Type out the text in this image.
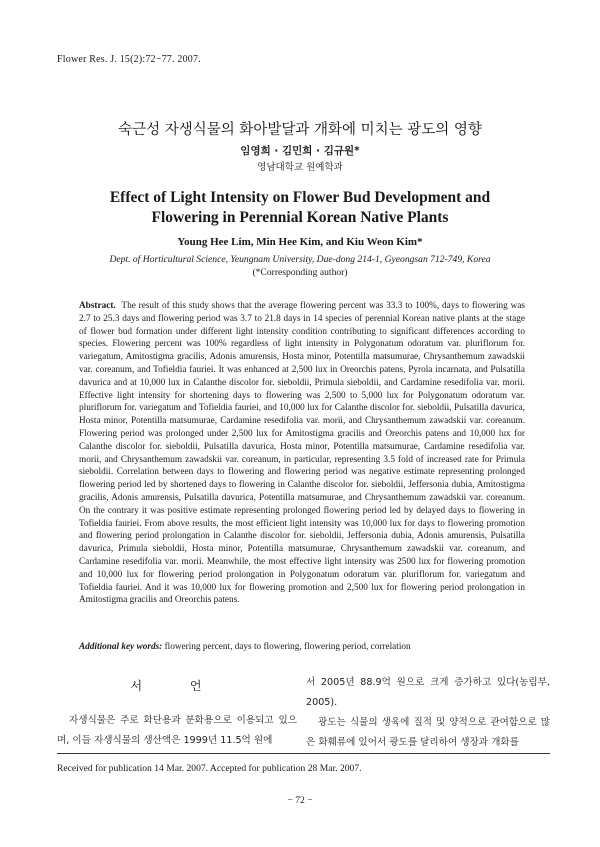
Flower Res. J. 15(2):72−77. 2007.
숙근성 자생식물의 화아발달과 개화에 미치는 광도의 영향
임영희 · 김민희 · 김규원*
영남대학교 원예학과
Effect of Light Intensity on Flower Bud Development and
Flowering in Perennial Korean Native Plants
Young Hee Lim, Min Hee Kim, and Kiu Weon Kim*
Dept. of Horticultural Science, Yeungnam University, Dae-dong 214-1, Gyeongsan 712-749, Korea
(*Corresponding author)

Abstract. The result of this study shows that the average flowering percent was 33.3 to 100%, days to flowering was 2.7 to 25.3 days and flowering period was 3.7 to 21.8 days in 14 species of perennial Korean native plants at the stage of flower bud formation under different light intensity condition contributing to significant differences according to species. Flowering percent was 100% regardless of light intensity in Polygonatum odoratum var. pluriflorum for. variegatum, Amitostigma gracilis, Adonis amurensis, Hosta minor, Potentilla matsumurae, Chrysanthemum zawadskii var. coreanum, and Tofieldia fauriei. It was enhanced at 2,500 lux in Oreorchis patens, Pyrola incarnata, and Pulsatilla davurica and at 10,000 lux in Calanthe discolor for. sieboldii, Primula sieboldii, and Cardamine resedifolia var. morii. Effective light intensity for shortening days to flowering was 2,500 to 5,000 lux for Polygonatum odoratum var. pluriflorum for. variegatum and Tofieldia fauriei, and 10,000 lux for Calanthe discolor for. sieboldii, Pulsatilla davurica, Hosta minor, Potentilla matsumurae, Cardamine resedifolia var. morii, and Chrysanthemum zawadskii var. coreanum. Flowering period was prolonged under 2,500 lux for Amitostigma gracilis and Oreorchis patens and 10,000 lux for Calanthe discolor for. sieboldii, Pulsatilla davurica, Hosta minor, Potentilla matsumurae, Cardamine resedifolia var. morii, and Chrysanthemum zawadskii var. coreanum, in particular, representing 3.5 fold of increased rate for Primula sieboldii. Correlation between days to flowering and flowering period was negative estimate representing prolonged flowering period led by shortened days to flowering in Calanthe discolor for. sieboldii, Jeffersonia dubia, Amitostigma gracilis, Adonis amurensis, Pulsatilla davurica, Potentilla matsumurae, and Chrysanthemum zawadskii var. coreanum. On the contrary it was positive estimate representing prolonged flowering period led by delayed days to flowering in Tofieldia fauriei. From above results, the most efficient light intensity was 10,000 lux for days to flowering promotion and flowering period prolongation in Calanthe discolor for. sieboldii, Jeffersonia dubia, Adonis amurensis, Pulsatilla davurica, Primula sieboldii, Hosta minor, Potentilla matsumurae, Chrysanthemum zawadskii var. coreanum, and Cardamine resedifolia var. morii. Meanwhile, the most effective light intensity was 2500 lux for flowering promotion and 10,000 lux for flowering period prolongation in Polygonatum odoratum var. pluriflorum for. variegatum and Tofieldia fauriei. And it was 10,000 lux for flowering promotion and 2,500 lux for flowering period prolongation in Amitostigma gracilis and Oreorchis patens.

Additional key words: flowering percent, days to flowering, flowering period, correlation

서 언
자생식물은 주로 화단용과 분화용으로 이용되고 있으며, 이들 자생식물의 생산액은 1999년 11.5억 원에
서 2005년 88.9억 원으로 크게 증가하고 있다(농림부, 2005).
광도는 식물의 생육에 질적 및 양적으로 관여함으로 많은 화훼류에 있어서 광도를 달리하여 생장과 개화를
Received for publication 14 Mar. 2007. Accepted for publication 28 Mar. 2007.
− 72 −
